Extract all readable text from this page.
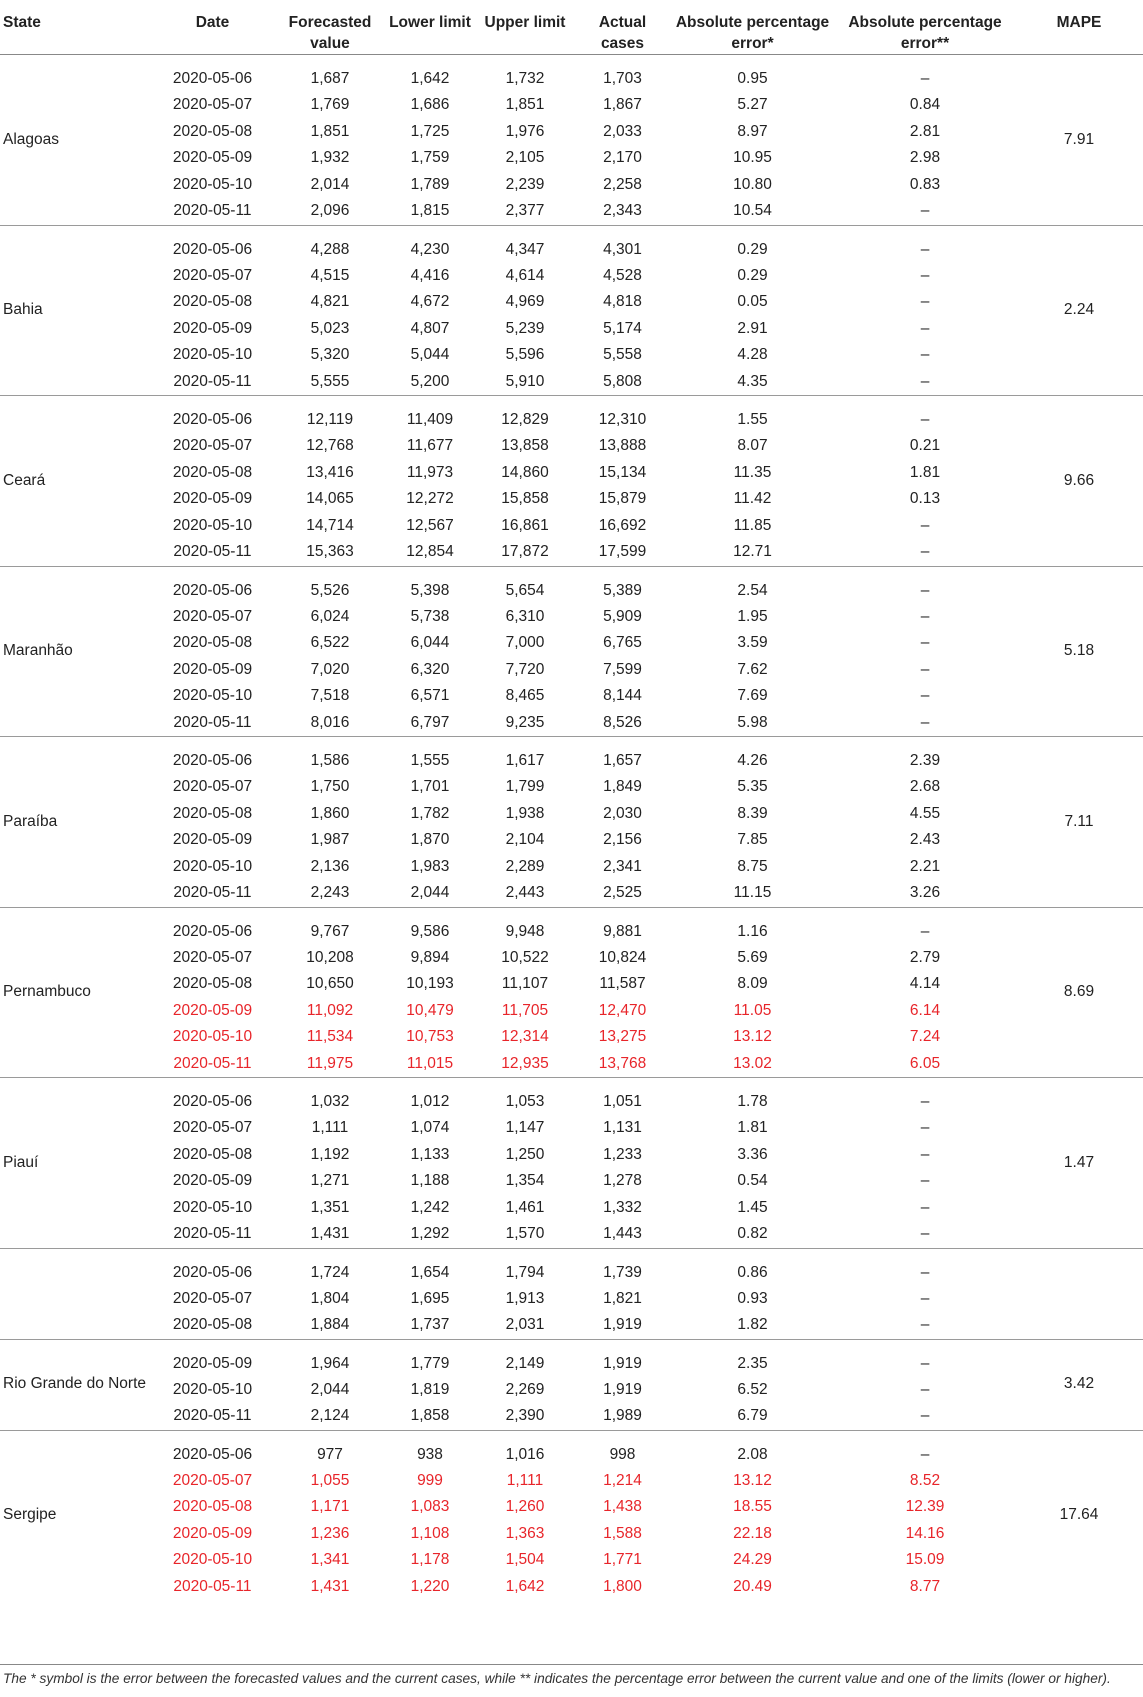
State	Date	Forecasted value	Lower limit	Upper limit	Actual cases	Absolute percentage error*	Absolute percentage error**	MAPE
Alagoas	2020-05-06	1,687	1,642	1,732	1,703	0.95	–	7.91
	2020-05-07	1,769	1,686	1,851	1,867	5.27	0.84	
	2020-05-08	1,851	1,725	1,976	2,033	8.97	2.81	
	2020-05-09	1,932	1,759	2,105	2,170	10.95	2.98	
	2020-05-10	2,014	1,789	2,239	2,258	10.80	0.83	
	2020-05-11	2,096	1,815	2,377	2,343	10.54	–	
Bahia	2020-05-06	4,288	4,230	4,347	4,301	0.29	–	2.24
	2020-05-07	4,515	4,416	4,614	4,528	0.29	–	
	2020-05-08	4,821	4,672	4,969	4,818	0.05	–	
	2020-05-09	5,023	4,807	5,239	5,174	2.91	–	
	2020-05-10	5,320	5,044	5,596	5,558	4.28	–	
	2020-05-11	5,555	5,200	5,910	5,808	4.35	–	
Ceará	2020-05-06	12,119	11,409	12,829	12,310	1.55	–	9.66
	2020-05-07	12,768	11,677	13,858	13,888	8.07	0.21	
	2020-05-08	13,416	11,973	14,860	15,134	11.35	1.81	
	2020-05-09	14,065	12,272	15,858	15,879	11.42	0.13	
	2020-05-10	14,714	12,567	16,861	16,692	11.85	–	
	2020-05-11	15,363	12,854	17,872	17,599	12.71	–	
Maranhão	2020-05-06	5,526	5,398	5,654	5,389	2.54	–	5.18
	2020-05-07	6,024	5,738	6,310	5,909	1.95	–	
	2020-05-08	6,522	6,044	7,000	6,765	3.59	–	
	2020-05-09	7,020	6,320	7,720	7,599	7.62	–	
	2020-05-10	7,518	6,571	8,465	8,144	7.69	–	
	2020-05-11	8,016	6,797	9,235	8,526	5.98	–	
Paraíba	2020-05-06	1,586	1,555	1,617	1,657	4.26	2.39	7.11
	2020-05-07	1,750	1,701	1,799	1,849	5.35	2.68	
	2020-05-08	1,860	1,782	1,938	2,030	8.39	4.55	
	2020-05-09	1,987	1,870	2,104	2,156	7.85	2.43	
	2020-05-10	2,136	1,983	2,289	2,341	8.75	2.21	
	2020-05-11	2,243	2,044	2,443	2,525	11.15	3.26	
Pernambuco	2020-05-06	9,767	9,586	9,948	9,881	1.16	–	8.69
	2020-05-07	10,208	9,894	10,522	10,824	5.69	2.79	
	2020-05-08	10,650	10,193	11,107	11,587	8.09	4.14	
	2020-05-09	11,092	10,479	11,705	12,470	11.05	6.14	
	2020-05-10	11,534	10,753	12,314	13,275	13.12	7.24	
	2020-05-11	11,975	11,015	12,935	13,768	13.02	6.05	
Piauí	2020-05-06	1,032	1,012	1,053	1,051	1.78	–	1.47
	2020-05-07	1,111	1,074	1,147	1,131	1.81	–	
	2020-05-08	1,192	1,133	1,250	1,233	3.36	–	
	2020-05-09	1,271	1,188	1,354	1,278	0.54	–	
	2020-05-10	1,351	1,242	1,461	1,332	1.45	–	
	2020-05-11	1,431	1,292	1,570	1,443	0.82	–	
	2020-05-06	1,724	1,654	1,794	1,739	0.86	–	
	2020-05-07	1,804	1,695	1,913	1,821	0.93	–	
	2020-05-08	1,884	1,737	2,031	1,919	1.82	–	
Rio Grande do Norte	2020-05-09	1,964	1,779	2,149	1,919	2.35	–	3.42
	2020-05-10	2,044	1,819	2,269	1,919	6.52	–	
	2020-05-11	2,124	1,858	2,390	1,989	6.79	–	
Sergipe	2020-05-06	977	938	1,016	998	2.08	–	17.64
	2020-05-07	1,055	999	1,111	1,214	13.12	8.52	
	2020-05-08	1,171	1,083	1,260	1,438	18.55	12.39	
	2020-05-09	1,236	1,108	1,363	1,588	22.18	14.16	
	2020-05-10	1,341	1,178	1,504	1,771	24.29	15.09	
	2020-05-11	1,431	1,220	1,642	1,800	20.49	8.77	
The * symbol is the error between the forecasted values and the current cases, while ** indicates the percentage error between the current value and one of the limits (lower or higher).
